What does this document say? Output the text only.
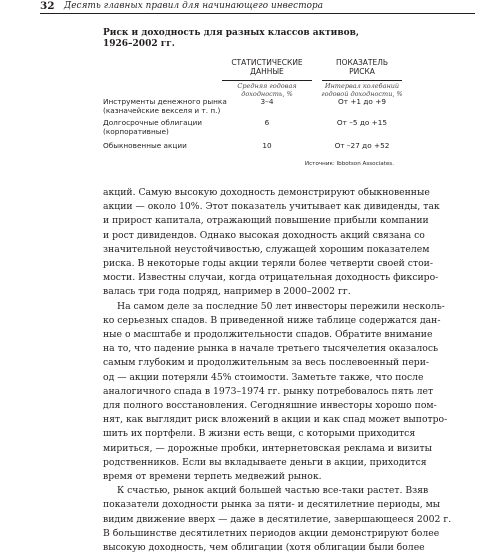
32 Десять главных правил для начинающего инвестора
Риск и доходность для разных классов активов,
1926–2002 гг.
СТАТИСТИЧЕСКИЕ
ДАННЫЕ
Средняя годовая
доходность, %
ПОКАЗАТЕЛЬ
РИСКА
Интервал колебаний
годовой доходности, %
Инструменты денежного рынка
(казначейские векселя и т. п.)
3–4	От +1 до +9
Долгосрочные облигации
(корпоративные)
6	От –5 до +15
Обыкновенные акции	10	От –27 до +52
Источник: Ibbotson Associates.
акций. Самую высокую доходность демонстрируют обыкновенные
акции — около 10%. Этот показатель учитывает как дивиденды, так
и прирост капитала, отражающий повышение прибыли компании
и рост дивидендов. Однако высокая доходность акций связана со
значительной неустойчивостью, служащей хорошим показателем
риска. В некоторые годы акции теряли более четверти своей стои-
мости. Известны случаи, когда отрицательная доходность фиксиро-
валась три года подряд, например в 2000–2002 гг.
На самом деле за последние 50 лет инвесторы пережили несколь-
ко серьезных спадов. В приведенной ниже таблице содержатся дан-
ные о масштабе и продолжительности спадов. Обратите внимание
на то, что падение рынка в начале третьего тысячелетия оказалось
самым глубоким и продолжительным за весь послевоенный пери-
од — акции потеряли 45% стоимости. Заметьте также, что после
аналогичного спада в 1973–1974 гг. рынку потребовалось пять лет
для полного восстановления. Сегодняшние инвесторы хорошо пом-
нят, как выглядит риск вложений в акции и как спад может выпотро-
шить их портфели. В жизни есть вещи, с которыми приходится
мириться, — дорожные пробки, интернетовская реклама и визиты
родственников. Если вы вкладываете деньги в акции, приходится
время от времени терпеть медвежий рынок.
К счастью, рынок акций большей частью все-таки растет. Взяв
показатели доходности рынка за пяти- и десятилетние периоды, мы
видим движение вверх — даже в десятилетие, завершающееся 2002 г.
В большинстве десятилетних периодов акции демонстрируют более
высокую доходность, чем облигации (хотя облигации были более
